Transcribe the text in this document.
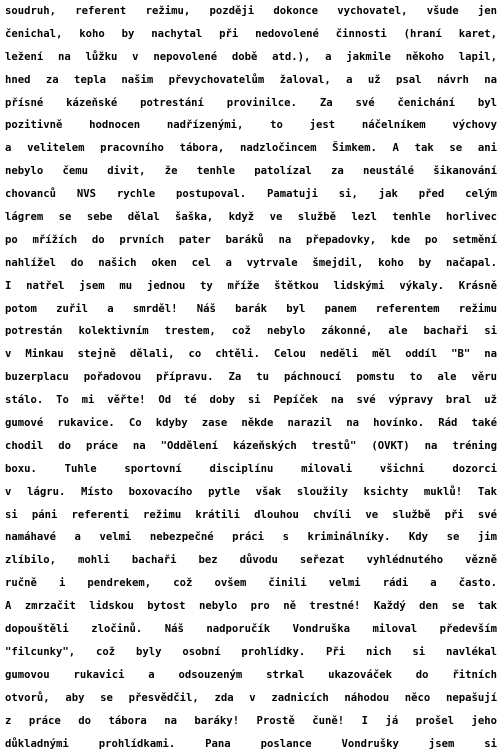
soudruh, referent režimu, později dokonce vychovatel, všude jen
čenichal, koho by nachytal při nedovolené činnosti (hraní karet,
ležení na lůžku v nepovolené době atd.), a jakmile někoho lapil,
hned za tepla našim převychovatelům žaloval, a už psal návrh na
přísné kázeňské potrestání provinilce. Za své čenichání byl
pozitivně hodnocen nadřízenými, to jest náčelníkem výchovy
a velitelem pracovního tábora, nadzločincem Šimkem. A tak se ani
nebylo čemu divit, že tenhle patolízal za neustálé šikanování
chovanců NVS rychle postupoval. Pamatuji si, jak před celým
lágrem se sebe dělal šaška, když ve službě lezl tenhle horlivec
po mřížích do prvních pater baráků na přepadovky, kde po setmění
nahlížel do našich oken cel a vytrvale šmejdil, koho by načapal.
I natřel jsem mu jednou ty mříže štětkou lidskými výkaly. Krásně
potom zuřil a smrděl! Náš barák byl panem referentem režimu
potrestán kolektivním trestem, což nebylo zákonné, ale bachaři si
v Minkau stejně dělali, co chtěli. Celou neděli měl oddíl "B" na
buzerplacu pořadovou přípravu. Za tu páchnoucí pomstu to ale věru
stálo. To mi věřte! Od té doby si Pepíček na své výpravy bral už
gumové rukavice. Co kdyby zase někde narazil na hovínko. Rád také
chodil do práce na "Oddělení kázeňských trestů" (OVKT) na tréning
boxu. Tuhle sportovní disciplínu milovali všichni dozorci
v lágru. Místo boxovacího pytle však sloužily ksichty muklů! Tak
si páni referenti režimu krátili dlouhou chvíli ve službě při své
namáhavé a velmi nebezpečné práci s kriminálníky. Kdy se jim
zlíbilo, mohli bachaři bez důvodu seřezat vyhlédnutého vězně
ručně i pendrekem, což ovšem činili velmi rádi a často.
A zmrzačit lidskou bytost nebylo pro ně trestné! Každý den se tak
dopouštěli zločinů. Náš nadporučík Vondruška miloval především
"filcunky", což byly osobní prohlídky. Při nich si navlékal
gumovou rukavici a odsouzeným strkal ukazováček do řitních
otvorů, aby se přesvědčil, zda v zadnicích náhodou něco nepašují
z práce do tábora na baráky! Prostě čuně! I já prošel jeho
důkladnými prohlídkami. Pana poslance Vondrušky jsem si
